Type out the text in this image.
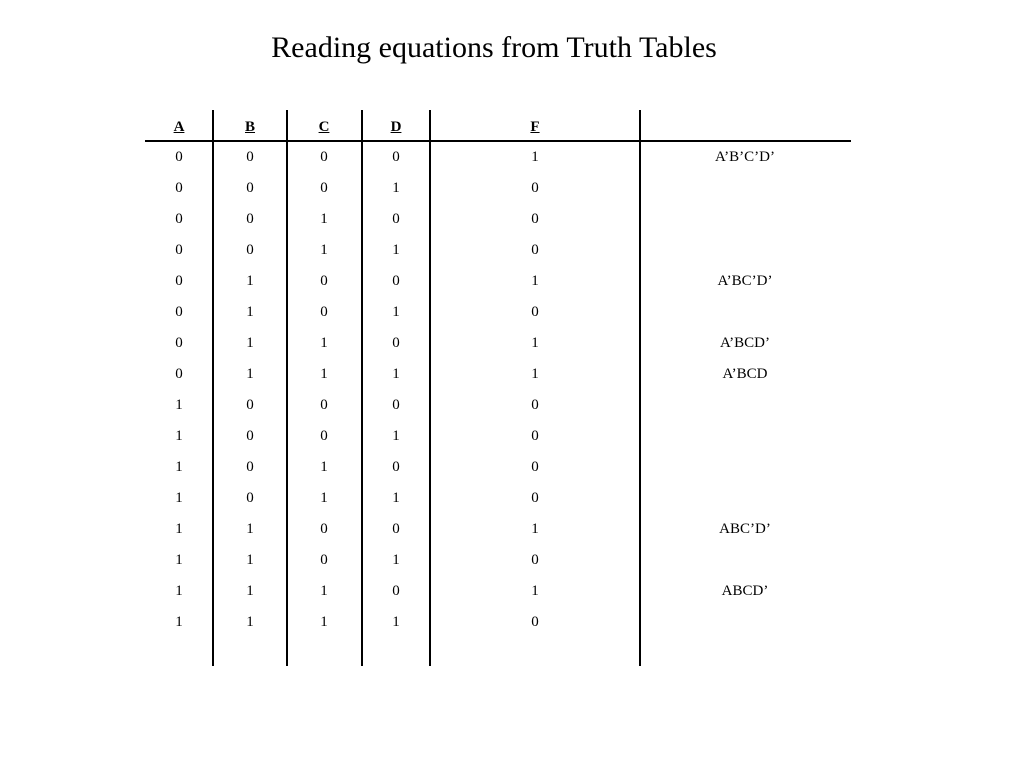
Reading equations from Truth Tables
A	B	C	D	F
0	0	0	0	1	A’B’C’D’
0	0	0	1	0
0	0	1	0	0
0	0	1	1	0
0	1	0	0	1	A’BC’D’
0	1	0	1	0
0	1	1	0	1	A’BCD’
0	1	1	1	1	A’BCD
1	0	0	0	0
1	0	0	1	0
1	0	1	0	0
1	0	1	1	0
1	1	0	0	1	ABC’D’
1	1	0	1	0
1	1	1	0	1	ABCD’
1	1	1	1	0
